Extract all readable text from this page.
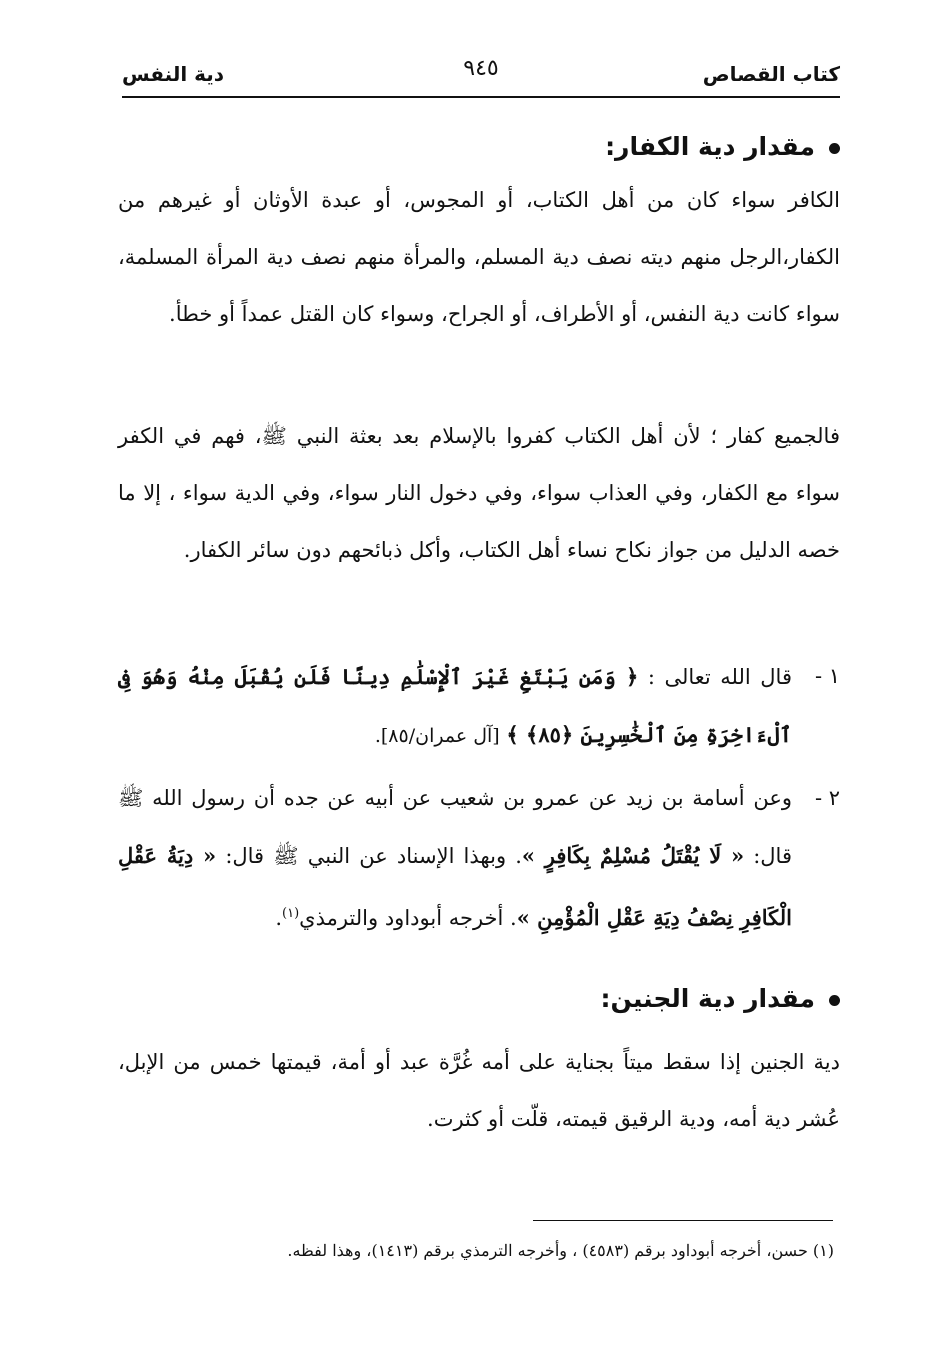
كتاب القصاص
٩٤٥
دية النفس
مقدار دية الكفار:
الكافر سواء كان من أهل الكتاب، أو المجوس، أو عبدة الأوثان أو غيرهم من الكفار،الرجل منهم ديته نصف دية المسلم، والمرأة منهم نصف دية المرأة المسلمة، سواء كانت دية النفس، أو الأطراف، أو الجراح، وسواء كان القتل عمداً أو خطأ.
فالجميع كفار ؛ لأن أهل الكتاب كفروا بالإسلام بعد بعثة النبي ﷺ، فهم في الكفر سواء مع الكفار، وفي العذاب سواء، وفي دخول النار سواء، وفي الدية سواء ، إلا ما خصه الدليل من جواز نكاح نساء أهل الكتاب، وأكل ذبائحهم دون سائر الكفار.
١ -
قال الله تعالى : ﴿ وَمَن يَبْتَغِ غَيْرَ ٱلْإِسْلَٰمِ دِينًا فَلَن يُقْبَلَ مِنْهُ وَهُوَ فِى ٱلْءَاخِرَةِ مِنَ ٱلْخَٰسِرِينَ ﴿٨٥﴾ ﴾ [آل عمران/٨٥].
٢ -
وعن أسامة بن زيد عن عمرو بن شعيب عن أبيه عن جده أن رسول الله ﷺ قال: « لَا يُقْتَلُ مُسْلِمٌ بِكَافِرٍ ». وبهذا الإسناد عن النبي ﷺ قال: « دِيَةُ عَقْلِ الْكَافِرِ نِصْفُ دِيَةِ عَقْلِ الْمُؤْمِنِ ». أخرجه أبوداود والترمذي$^{(١)}$.
مقدار دية الجنين:
دية الجنين إذا سقط ميتاً بجناية على أمه غُرَّة عبد أو أمة، قيمتها خمس من الإبل، عُشر دية أمه، ودية الرقيق قيمته، قلّت أو كثرت.
(١) حسن، أخرجه أبوداود برقم (٤٥٨٣) ، وأخرجه الترمذي برقم (١٤١٣)، وهذا لفظه.
